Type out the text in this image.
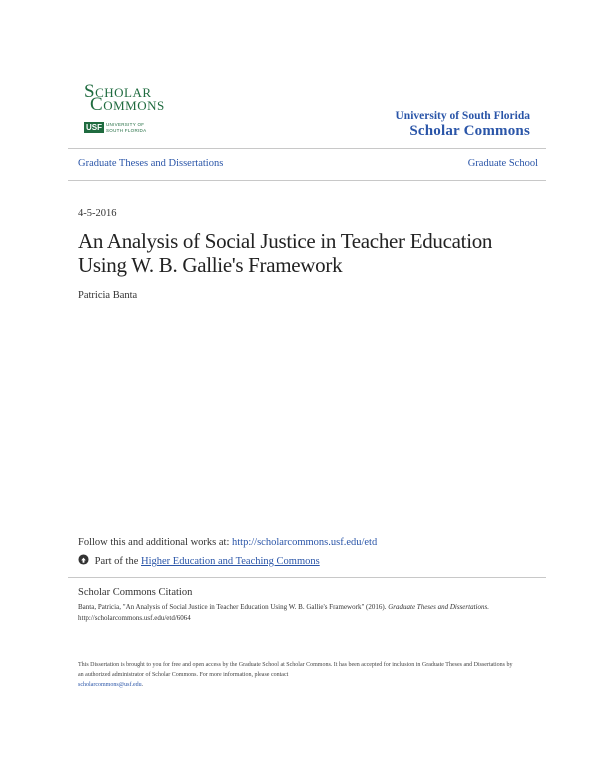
SCHOLAR
COMMONS
USF UNIVERSITY OF
SOUTH FLORIDA
University of South Florida
Scholar Commons
Graduate Theses and Dissertations	Graduate School
4-5-2016
An Analysis of Social Justice in Teacher Education
Using W. B. Gallie's Framework
Patricia Banta
Follow this and additional works at: http://scholarcommons.usf.edu/etd
Part of the Higher Education and Teaching Commons
Scholar Commons Citation
Banta, Patricia, "An Analysis of Social Justice in Teacher Education Using W. B. Gallie's Framework" (2016). Graduate Theses and Dissertations.
http://scholarcommons.usf.edu/etd/6064
This Dissertation is brought to you for free and open access by the Graduate School at Scholar Commons. It has been accepted for inclusion in Graduate Theses and Dissertations by an authorized administrator of Scholar Commons. For more information, please contact
scholarcommons@usf.edu.
